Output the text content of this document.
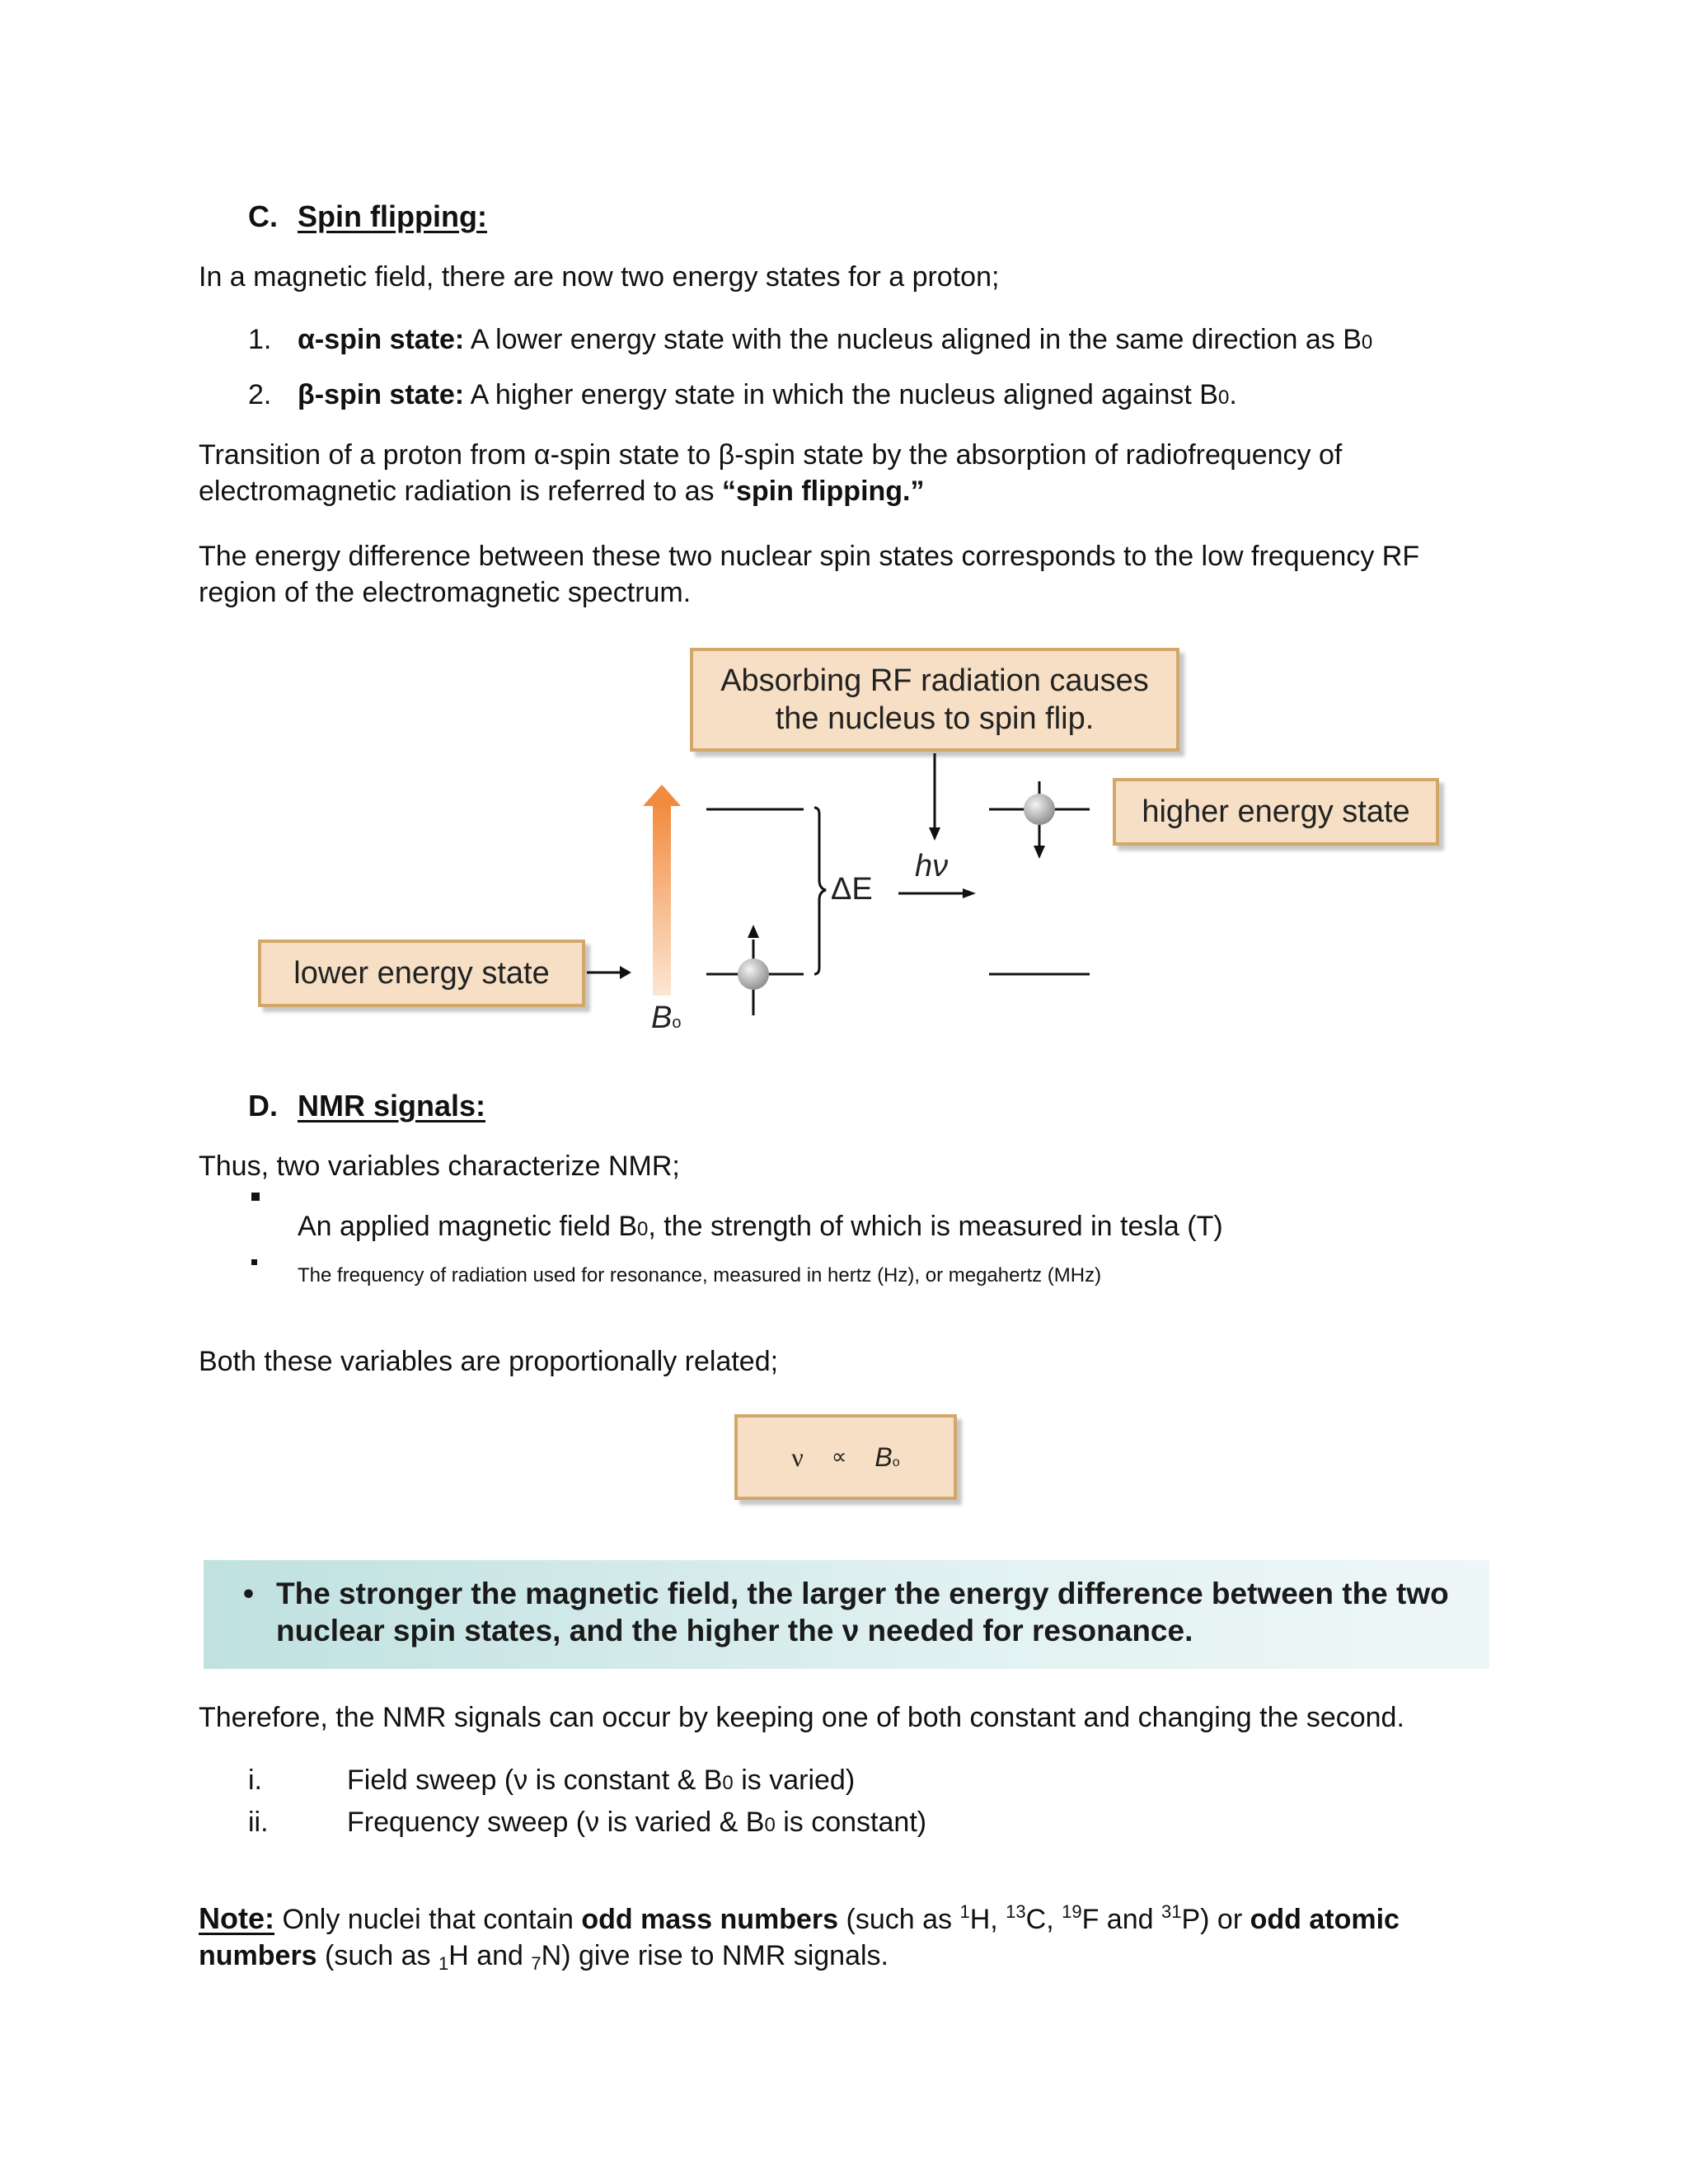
C. Spin flipping:
In a magnetic field, there are now two energy states for a proton;
1. α-spin state: A lower energy state with the nucleus aligned in the same direction as B0
2. β-spin state: A higher energy state in which the nucleus aligned against B0.
Transition of a proton from α-spin state to β-spin state by the absorption of radiofrequency of
electromagnetic radiation is referred to as “spin flipping.”
The energy difference between these two nuclear spin states corresponds to the low frequency RF
region of the electromagnetic spectrum.
Absorbing RF radiation causes
the nucleus to spin flip.
higher energy state
lower energy state
ΔE
hν
Bo
D. NMR signals:
Thus, two variables characterize NMR;
An applied magnetic field B0, the strength of which is measured in tesla (T)
The frequency of radiation used for resonance, measured in hertz (Hz), or megahertz (MHz)
Both these variables are proportionally related;
ν ∝ Bo
• The stronger the magnetic field, the larger the energy difference between the two
nuclear spin states, and the higher the ν needed for resonance.
Therefore, the NMR signals can occur by keeping one of both constant and changing the second.
i.	Field sweep (ν is constant & B0 is varied)
ii.	Frequency sweep (ν is varied & B0 is constant)
Note: Only nuclei that contain odd mass numbers (such as $^1$H, $^{13}$C, $^{19}$F and $^{31}$P) or odd atomic
numbers (such as 1H and 7N) give rise to NMR signals.
